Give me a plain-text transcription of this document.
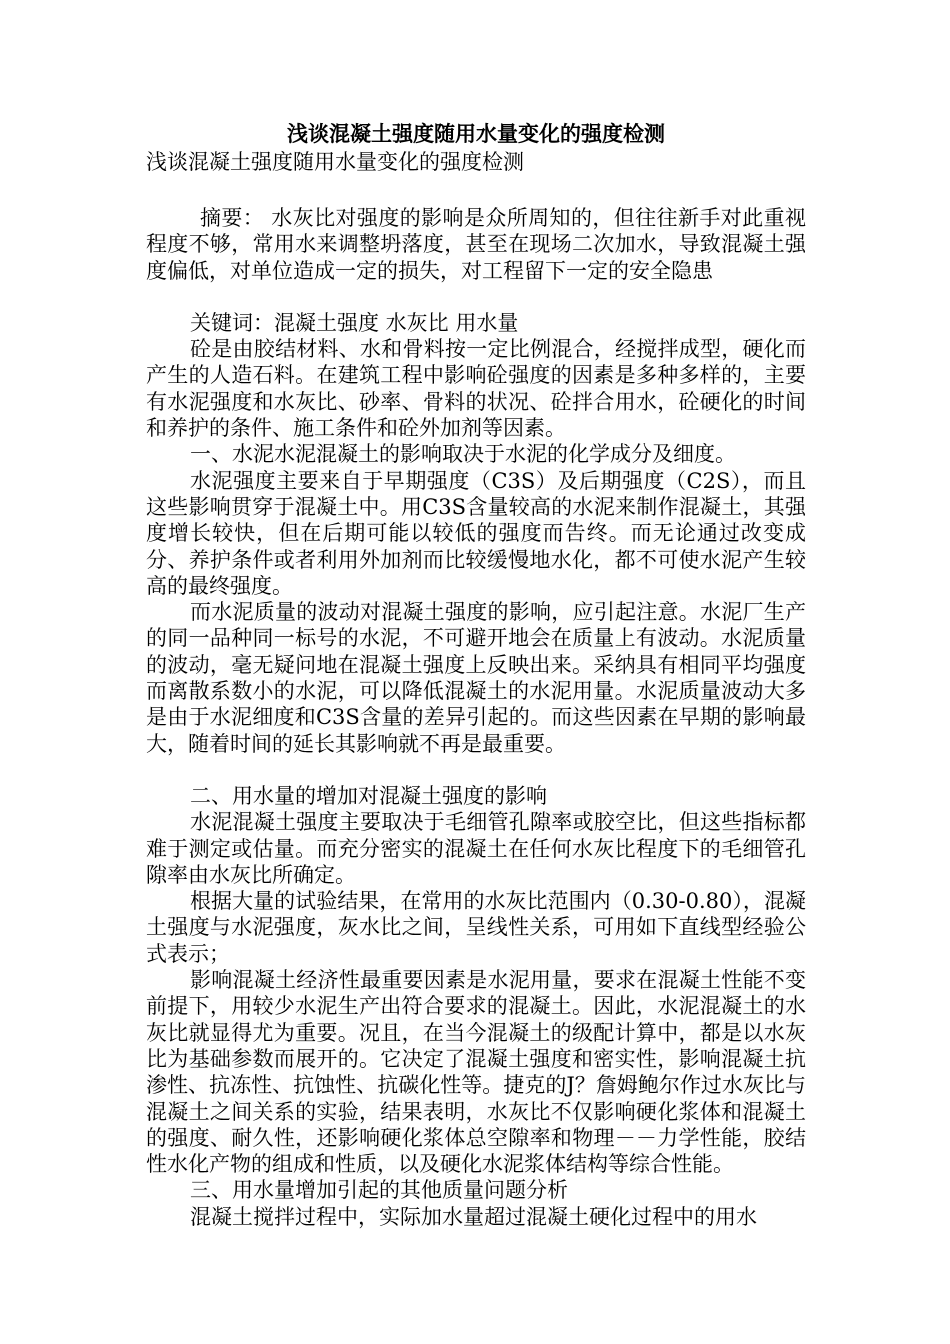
浅谈混凝土强度随用水量变化的强度检测
浅谈混凝土强度随用水量变化的强度检测

摘要： 水灰比对强度的影响是众所周知的，但往往新手对此重视程度不够，常用水来调整坍落度，甚至在现场二次加水，导致混凝土强度偏低，对单位造成一定的损失，对工程留下一定的安全隐患

关键词：混凝土强度 水灰比 用水量

砼是由胶结材料、水和骨料按一定比例混合，经搅拌成型，硬化而产生的人造石料。在建筑工程中影响砼强度的因素是多种多样的，主要有水泥强度和水灰比、砂率、骨料的状况、砼拌合用水，砼硬化的时间和养护的条件、施工条件和砼外加剂等因素。

一、水泥水泥混凝土的影响取决于水泥的化学成分及细度。

水泥强度主要来自于早期强度（C3S）及后期强度（C2S），而且这些影响贯穿于混凝土中。用C3S含量较高的水泥来制作混凝土，其强度增长较快，但在后期可能以较低的强度而告终。而无论通过改变成分、养护条件或者利用外加剂而比较缓慢地水化，都不可使水泥产生较高的最终强度。

而水泥质量的波动对混凝土强度的影响，应引起注意。水泥厂生产的同一品种同一标号的水泥，不可避开地会在质量上有波动。水泥质量的波动，毫无疑问地在混凝土强度上反映出来。采纳具有相同平均强度而离散系数小的水泥，可以降低混凝土的水泥用量。水泥质量波动大多是由于水泥细度和C3S含量的差异引起的。而这些因素在早期的影响最大，随着时间的延长其影响就不再是最重要。

二、用水量的增加对混凝土强度的影响

水泥混凝土强度主要取决于毛细管孔隙率或胶空比，但这些指标都难于测定或估量。而充分密实的混凝土在任何水灰比程度下的毛细管孔隙率由水灰比所确定。

根据大量的试验结果，在常用的水灰比范围内（0.30-0.80），混凝土强度与水泥强度，灰水比之间，呈线性关系，可用如下直线型经验公式表示；

影响混凝土经济性最重要因素是水泥用量，要求在混凝土性能不变前提下，用较少水泥生产出符合要求的混凝土。因此，水泥混凝土的水灰比就显得尤为重要。况且，在当今混凝土的级配计算中，都是以水灰比为基础参数而展开的。它决定了混凝土强度和密实性，影响混凝土抗渗性、抗冻性、抗蚀性、抗碳化性等。捷克的J？詹姆鲍尔作过水灰比与混凝土之间关系的实验，结果表明，水灰比不仅影响硬化浆体和混凝土的强度、耐久性，还影响硬化浆体总空隙率和物理－－力学性能，胶结性水化产物的组成和性质，以及硬化水泥浆体结构等综合性能。

三、用水量增加引起的其他质量问题分析

混凝土搅拌过程中，实际加水量超过混凝土硬化过程中的用水
